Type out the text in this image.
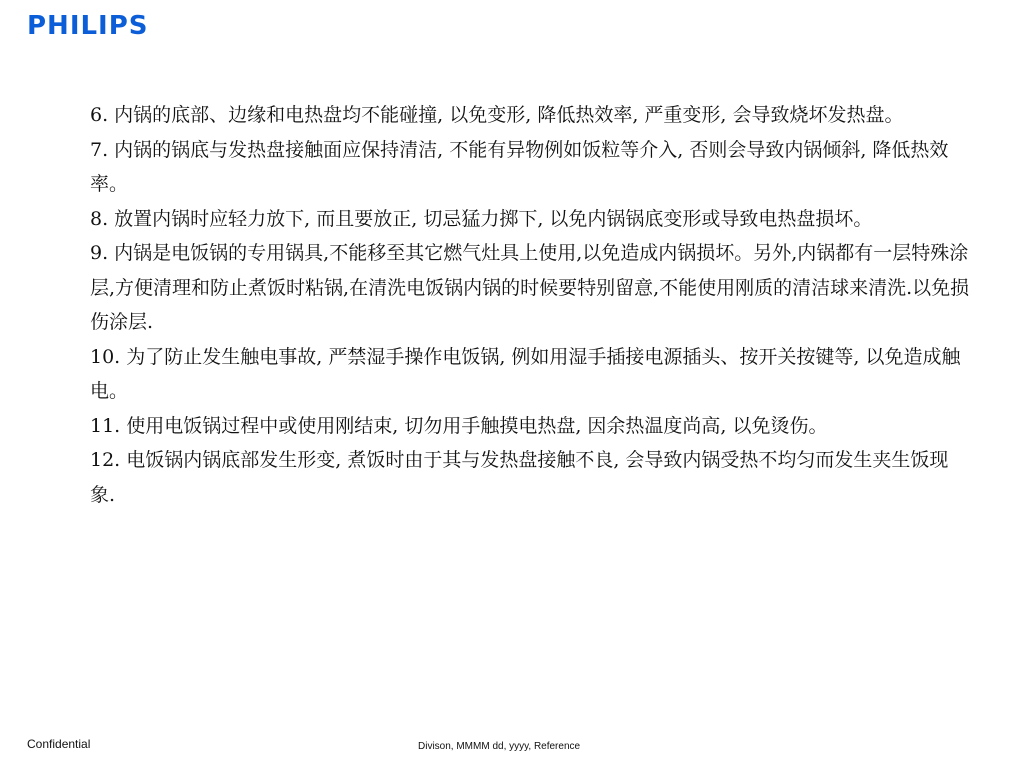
PHILIPS

6. 内锅的底部、边缘和电热盘均不能碰撞, 以免变形, 降低热效率, 严重变形, 会导致烧坏发热盘。

7. 内锅的锅底与发热盘接触面应保持清洁, 不能有异物例如饭粒等介入, 否则会导致内锅倾斜, 降低热效率。

8. 放置内锅时应轻力放下, 而且要放正, 切忌猛力掷下, 以免内锅锅底变形或导致电热盘损坏。

9. 内锅是电饭锅的专用锅具,不能移至其它燃气灶具上使用,以免造成内锅损坏。另外,内锅都有一层特殊涂层,方便清理和防止煮饭时粘锅,在清洗电饭锅内锅的时候要特别留意,不能使用刚质的清洁球来清洗.以免损伤涂层.

10. 为了防止发生触电事故, 严禁湿手操作电饭锅, 例如用湿手插接电源插头、按开关按键等, 以免造成触电。

11. 使用电饭锅过程中或使用刚结束, 切勿用手触摸电热盘, 因余热温度尚高, 以免烫伤。

12. 电饭锅内锅底部发生形变, 煮饭时由于其与发热盘接触不良, 会导致内锅受热不均匀而发生夹生饭现象.

Confidential	Divison, MMMM dd, yyyy, Reference
